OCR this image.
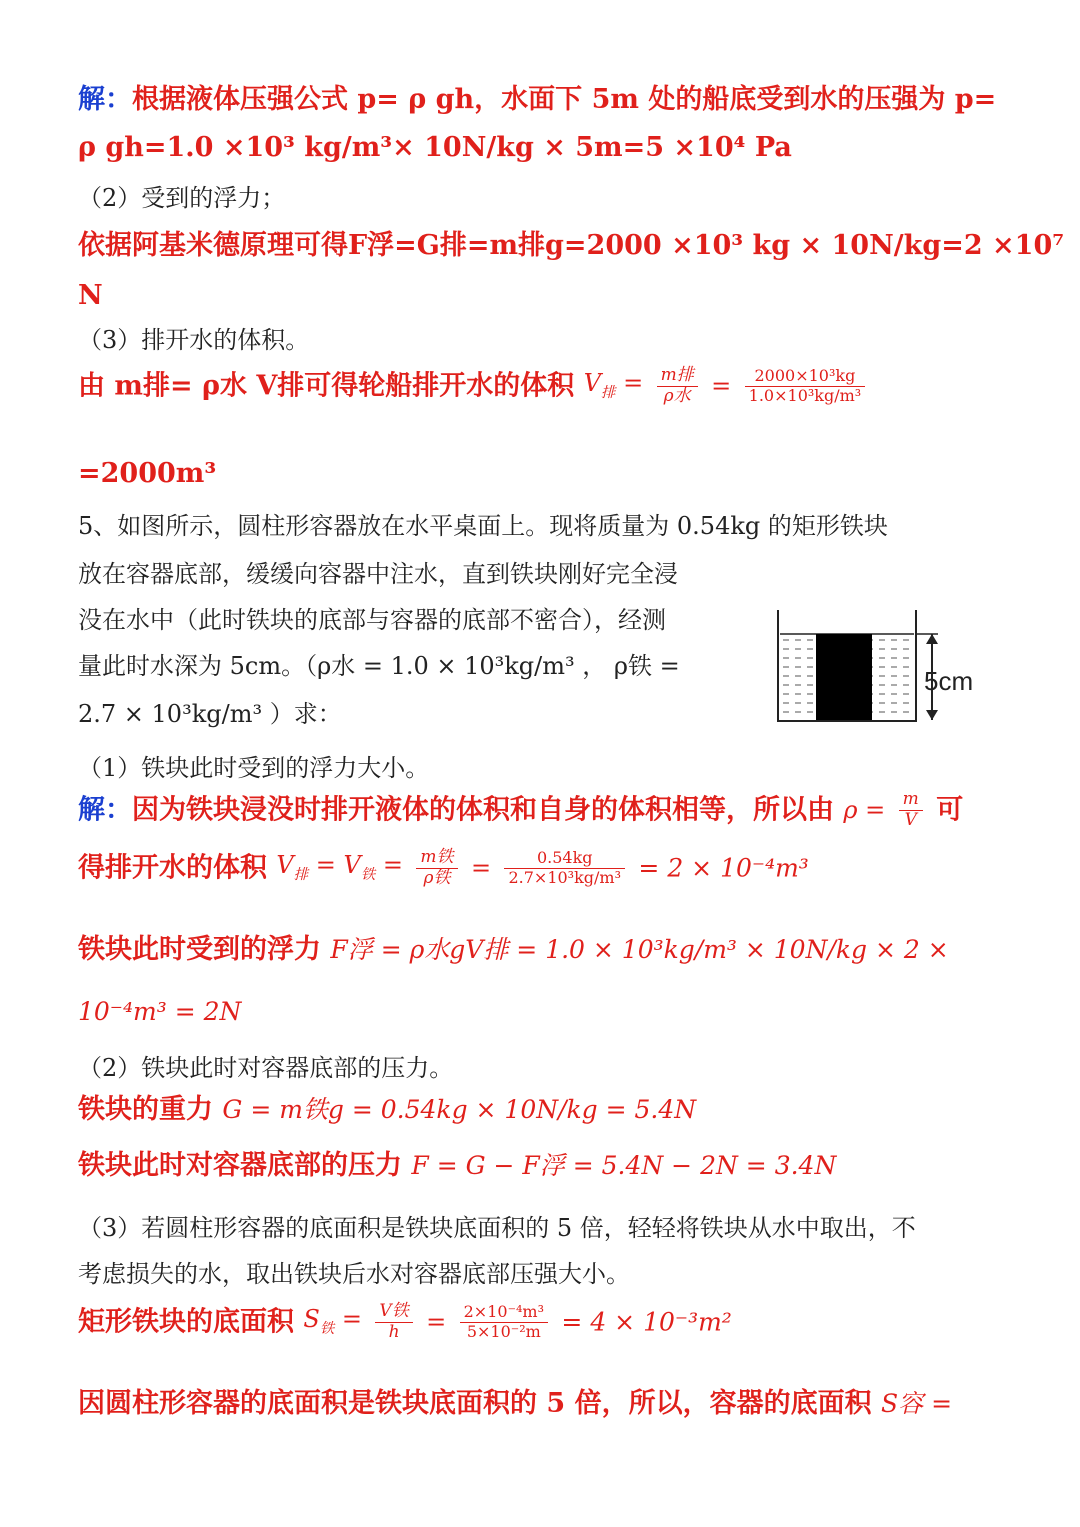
解：根据液体压强公式 p= ρ gh，水面下 5m 处的船底受到水的压强为 p=
ρ gh=1.0 ×10³ kg/m³× 10N/kg × 5m=5 ×10⁴ Pa
（2）受到的浮力；
依据阿基米德原理可得F浮=G排=m排g=2000 ×10³ kg × 10N/kg=2 ×10⁷
N
（3）排开水的体积。
由 m排= ρ水 V排可得轮船排开水的体积 $V_排 = \frac{\text{m排}}{\text{ρ水}} = \frac{\text{2000×10³kg}}{\text{1.0×10³kg/m³}}$
=2000m³
5、如图所示，圆柱形容器放在水平桌面上。现将质量为 0.54kg 的矩形铁块
放在容器底部，缓缓向容器中注水，直到铁块刚好完全浸
没在水中（此时铁块的底部与容器的底部不密合），经测
量此时水深为 5cm。（ρ水 = 1.0 × 10³kg/m³ ， ρ铁 =
2.7 × 10³kg/m³ ）求：
5cm
（1）铁块此时受到的浮力大小。
解：因为铁块浸没时排开液体的体积和自身的体积相等，所以由 $\rho = \frac{m}{V}$ 可
得排开水的体积 $V_排 = V_铁 = \frac{\text{m铁}}{\text{ρ铁}} = \frac{0.54kg}{\text{2.7×10³kg/m³}} = 2 \times 10^{-4}m^3$
铁块此时受到的浮力 F浮 = ρ水gV排 = 1.0 × 10³kg/m³ × 10N/kg × 2 ×
10⁻⁴m³ = 2N
（2）铁块此时对容器底部的压力。
铁块的重力 G = m铁g = 0.54kg × 10N/kg = 5.4N
铁块此时对容器底部的压力 F = G − F浮 = 5.4N − 2N = 3.4N
（3）若圆柱形容器的底面积是铁块底面积的 5 倍，轻轻将铁块从水中取出，不
考虑损失的水，取出铁块后水对容器底部压强大小。
矩形铁块的底面积 $S_铁 = \frac{\text{V铁}}{h} = \frac{\text{2×10⁻⁴m³}}{\text{5×10⁻²m}} = 4 \times 10^{-3}m^2$
因圆柱形容器的底面积是铁块底面积的 5 倍，所以，容器的底面积 S容 =
